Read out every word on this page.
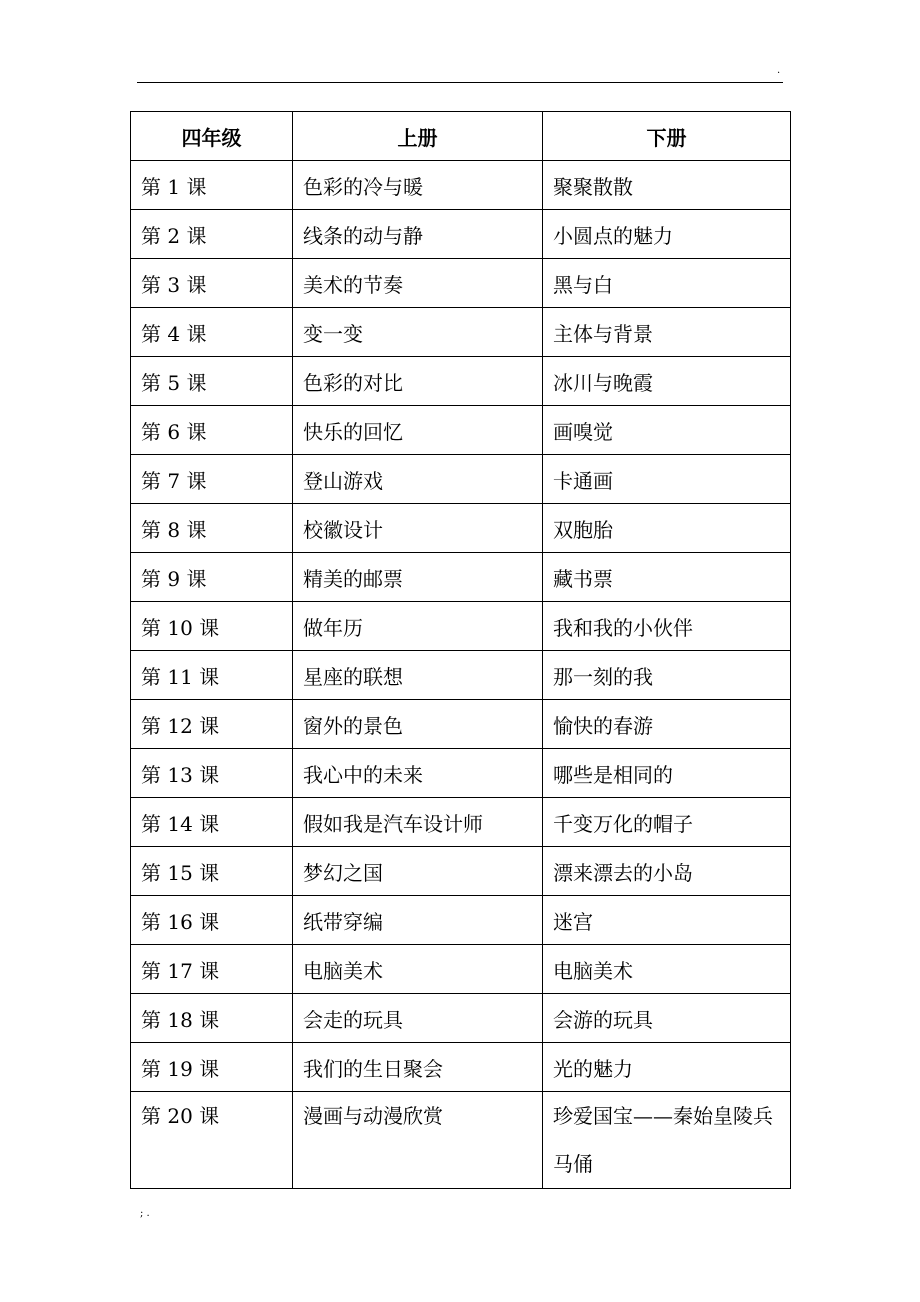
.
四年级	上册	下册
第 1 课	色彩的冷与暖	聚聚散散
第 2 课	线条的动与静	小圆点的魅力
第 3 课	美术的节奏	黑与白
第 4 课	变一变	主体与背景
第 5 课	色彩的对比	冰川与晚霞
第 6 课	快乐的回忆	画嗅觉
第 7 课	登山游戏	卡通画
第 8 课	校徽设计	双胞胎
第 9 课	精美的邮票	藏书票
第 10 课	做年历	我和我的小伙伴
第 11 课	星座的联想	那一刻的我
第 12 课	窗外的景色	愉快的春游
第 13 课	我心中的未来	哪些是相同的
第 14 课	假如我是汽车设计师	千变万化的帽子
第 15 课	梦幻之国	漂来漂去的小岛
第 16 课	纸带穿编	迷宫
第 17 课	电脑美术	电脑美术
第 18 课	会走的玩具	会游的玩具
第 19 课	我们的生日聚会	光的魅力
第 20 课	漫画与动漫欣赏	珍爱国宝——秦始皇陵兵马俑
; .
